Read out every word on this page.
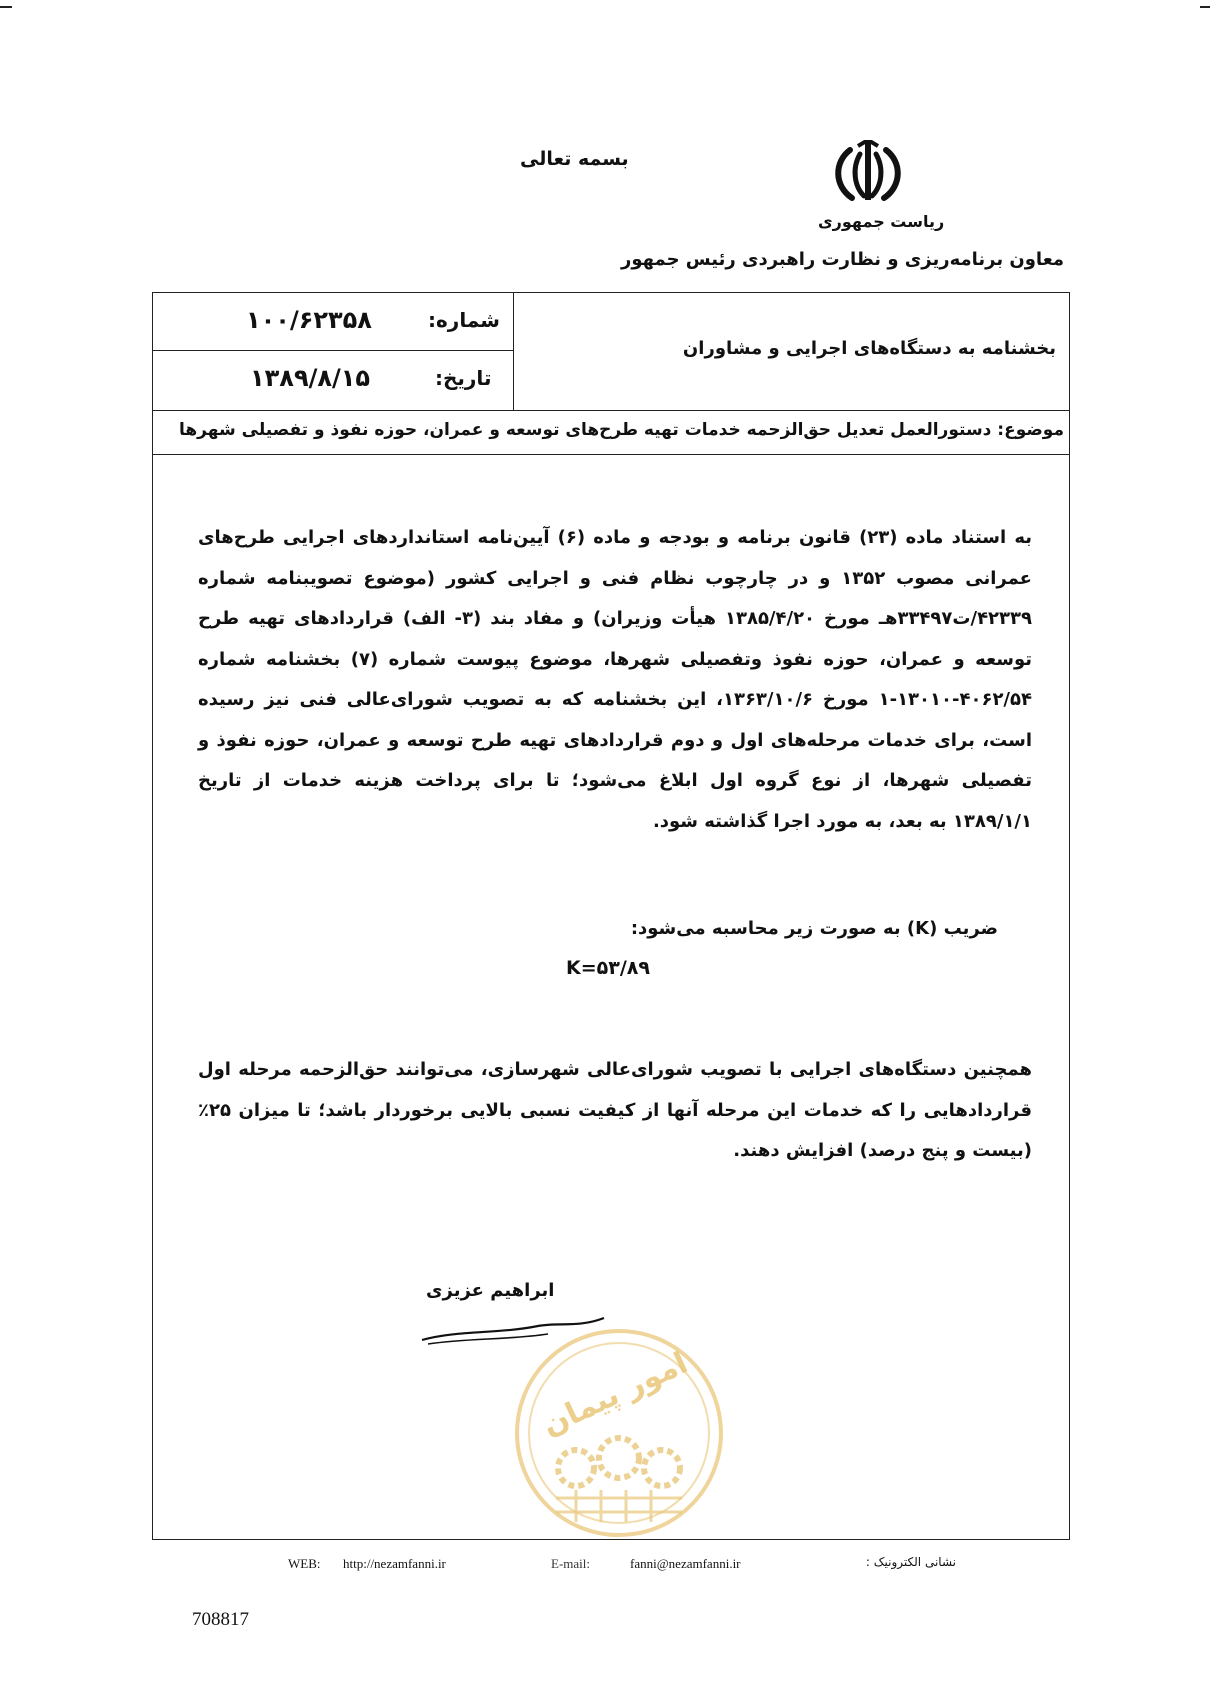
بسمه تعالی
ریاست جمهوری
معاون برنامه‌ریزی و نظارت راهبردی رئیس جمهور
شماره:
۱۰۰/۶۲۳۵۸
تاریخ:
۱۳۸۹/۸/۱۵
بخشنامه به دستگاه‌های اجرایی و مشاوران
موضوع: دستورالعمل تعدیل حق‌الزحمه خدمات تهیه طرح‌های توسعه و عمران، حوزه نفوذ و تفصیلی شهرها
به استناد ماده (۲۳) قانون برنامه و بودجه و ماده (۶) آیین‌نامه استانداردهای اجرایی طرح‌های عمرانی مصوب ۱۳۵۲ و در چارچوب نظام فنی و اجرایی کشور (موضوع تصویبنامه شماره ۴۲۳۳۹/ت۳۳۴۹۷هـ مورخ ۱۳۸۵/۴/۲۰ هیأت وزیران) و مفاد بند (۳- الف) قراردادهای تهیه طرح توسعه و عمران، حوزه نفوذ وتفصیلی شهرها، موضوع پیوست شماره (۷) بخشنامه شماره ۴۰۶۲/۵۴-۱۳۰۱۰-۱ مورخ ۱۳۶۳/۱۰/۶، این بخشنامه که به تصویب شورای‌عالی فنی نیز رسیده است، برای خدمات مرحله‌های اول و دوم قراردادهای تهیه طرح توسعه و عمران، حوزه نفوذ و تفصیلی شهرها، از نوع گروه اول ابلاغ می‌شود؛ تا برای پرداخت هزینه خدمات از تاریخ ۱۳۸۹/۱/۱ به بعد، به مورد اجرا گذاشته شود.
ضریب (K) به صورت زیر محاسبه می‌شود:
K=۵۳/۸۹
همچنین دستگاه‌های اجرایی با تصویب شورای‌عالی شهرسازی، می‌توانند حق‌الزحمه مرحله اول قراردادهایی را که خدمات این مرحله آنها از کیفیت نسبی بالایی برخوردار باشد؛ تا میزان ۲۵٪ (بیست و پنج درصد) افزایش دهند.
امور پیمان
ابراهیم عزیزی
WEB: http://nezamfanni.ir	E-mail:	fanni@nezamfanni.ir	نشانی الکترونیک :
708817
